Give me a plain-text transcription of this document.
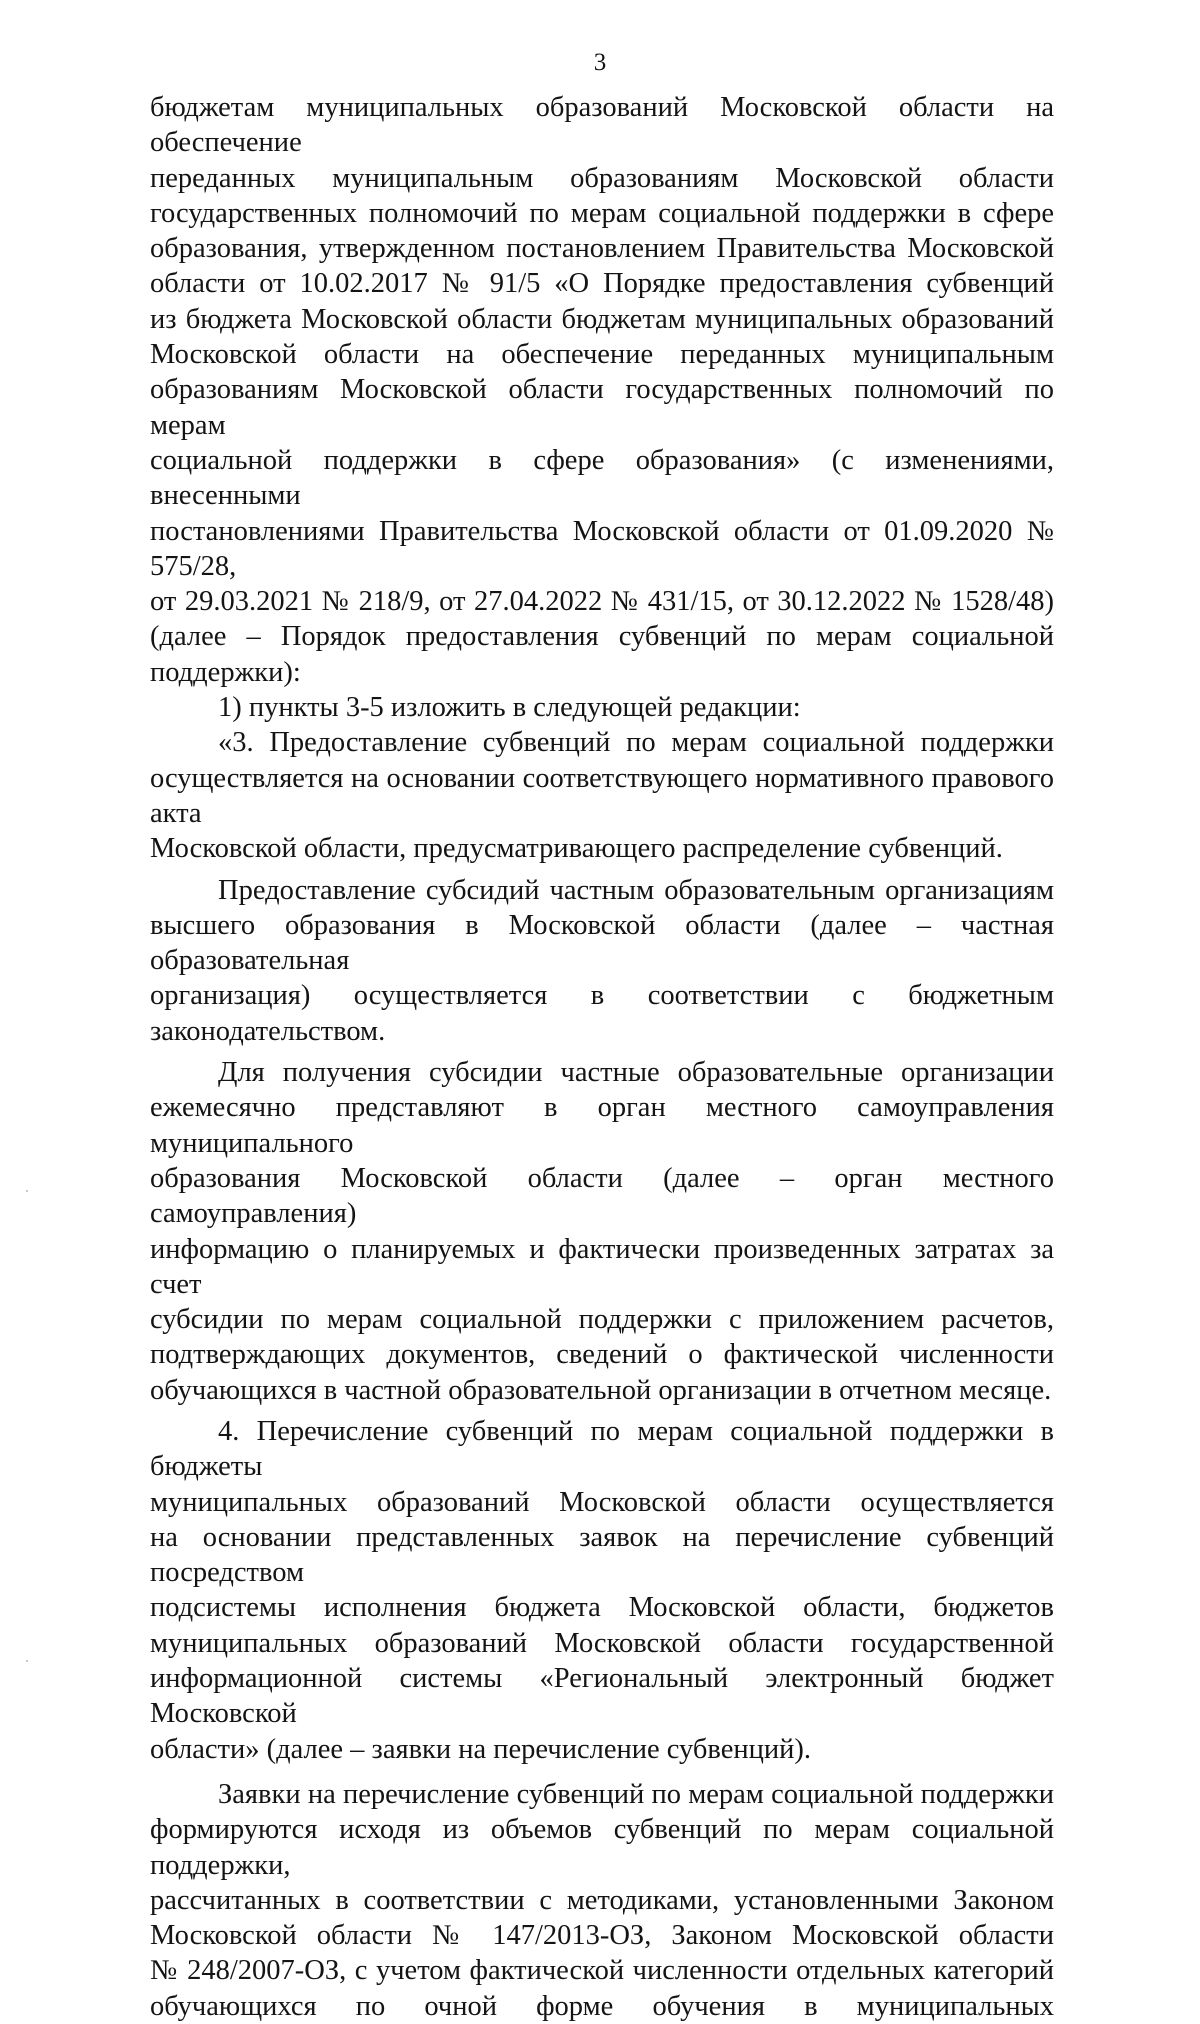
3
бюджетам муниципальных образований Московской области на обеспечение
переданных муниципальным образованиям Московской области
государственных полномочий по мерам социальной поддержки в сфере
образования, утвержденном постановлением Правительства Московской
области от 10.02.2017 № 91/5 «О Порядке предоставления субвенций
из бюджета Московской области бюджетам муниципальных образований
Московской области на обеспечение переданных муниципальным
образованиям Московской области государственных полномочий по мерам
социальной поддержки в сфере образования» (с изменениями, внесенными
постановлениями Правительства Московской области от 01.09.2020 № 575/28,
от 29.03.2021 № 218/9, от 27.04.2022 № 431/15, от 30.12.2022 № 1528/48)
(далее – Порядок предоставления субвенций по мерам социальной поддержки):
1) пункты 3-5 изложить в следующей редакции:
«3. Предоставление субвенций по мерам социальной поддержки
осуществляется на основании соответствующего нормативного правового акта
Московской области, предусматривающего распределение субвенций.
Предоставление субсидий частным образовательным организациям
высшего образования в Московской области (далее – частная образовательная
организация) осуществляется в соответствии с бюджетным законодательством.
Для получения субсидии частные образовательные организации
ежемесячно представляют в орган местного самоуправления муниципального
образования Московской области (далее – орган местного самоуправления)
информацию о планируемых и фактически произведенных затратах за счет
субсидии по мерам социальной поддержки с приложением расчетов,
подтверждающих документов, сведений о фактической численности
обучающихся в частной образовательной организации в отчетном месяце.
4. Перечисление субвенций по мерам социальной поддержки в бюджеты
муниципальных образований Московской области осуществляется
на основании представленных заявок на перечисление субвенций посредством
подсистемы исполнения бюджета Московской области, бюджетов
муниципальных образований Московской области государственной
информационной системы «Региональный электронный бюджет Московской
области» (далее – заявки на перечисление субвенций).
Заявки на перечисление субвенций по мерам социальной поддержки
формируются исходя из объемов субвенций по мерам социальной поддержки,
рассчитанных в соответствии с методиками, установленными Законом
Московской области № 147/2013-ОЗ, Законом Московской области
№ 248/2007-ОЗ, с учетом фактической численности отдельных категорий
обучающихся по очной форме обучения в муниципальных
